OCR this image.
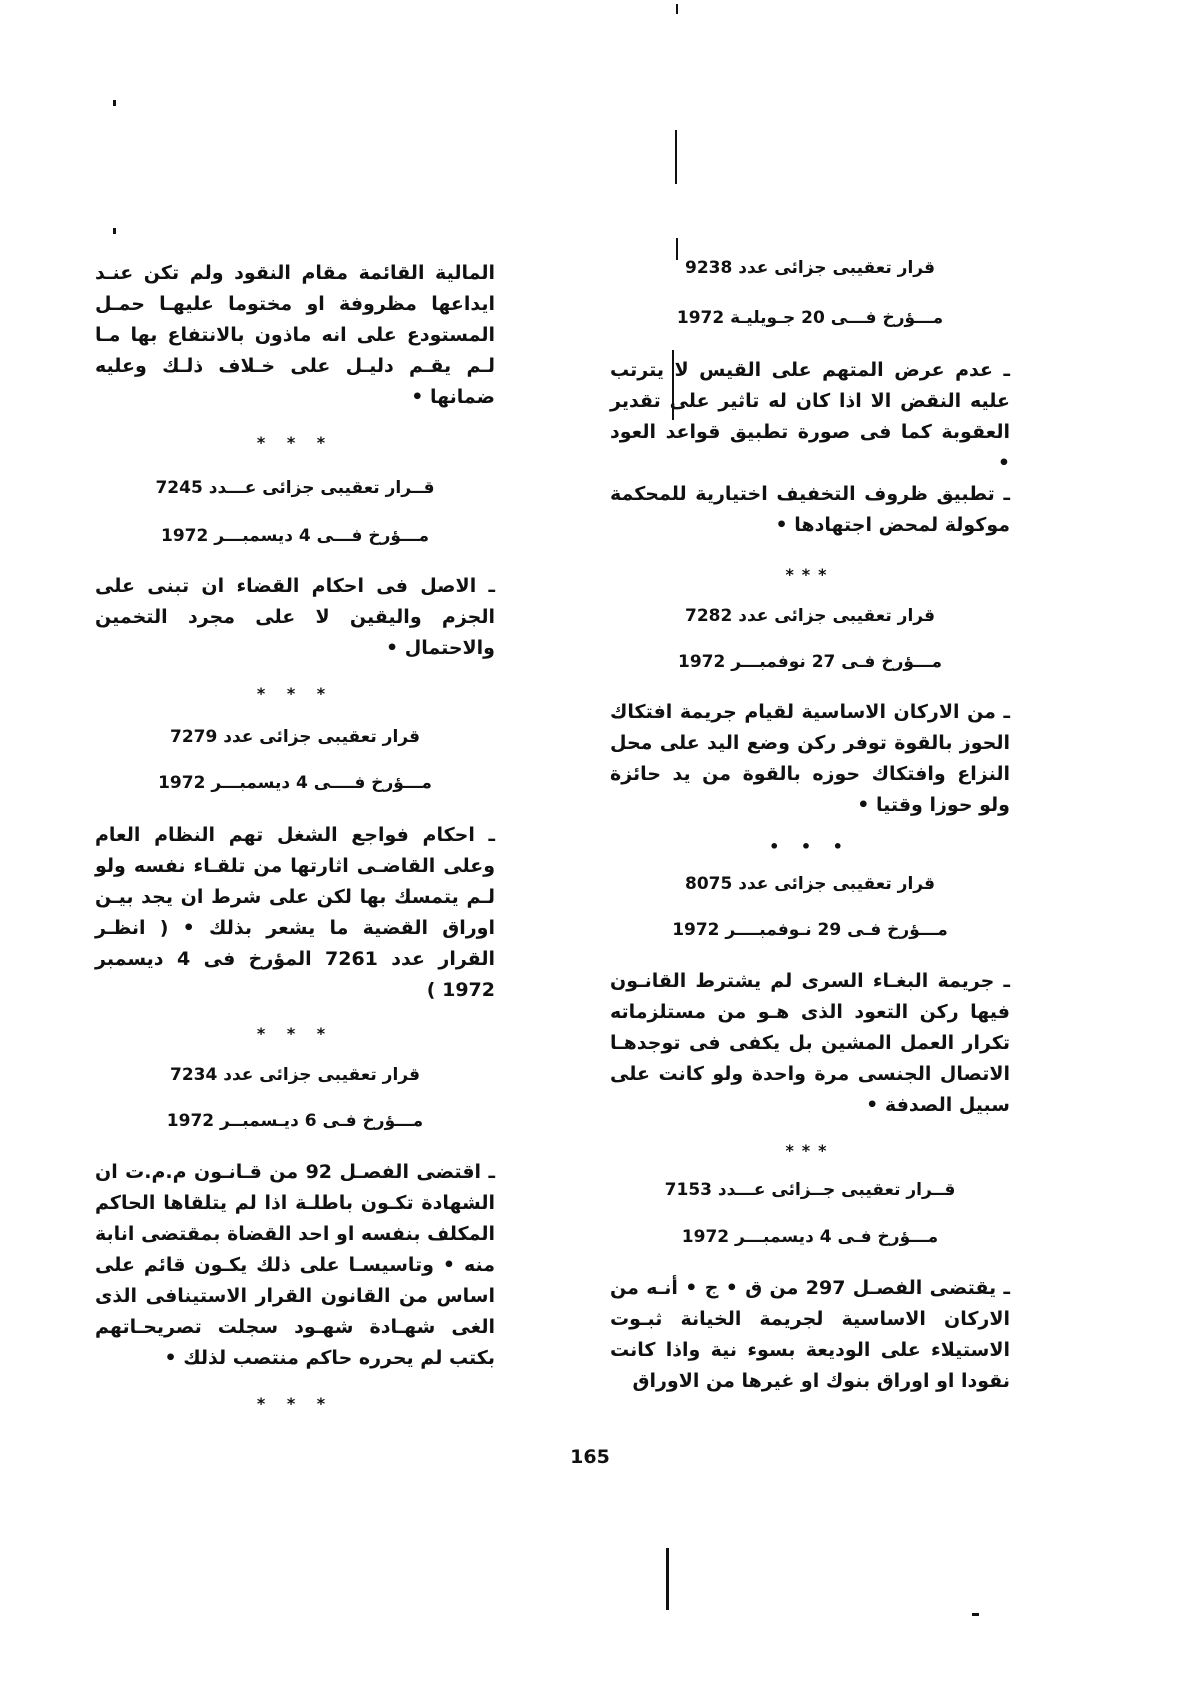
قرار تعقيبى جزائى عدد 9238

مـــؤرخ فـــى 20 جـويليـة 1972

ـ عدم عرض المتهم على القيس لا يترتب عليه النقض الا اذا كان له تاثير على تقدير العقوبة كما فى صورة تطبيق قواعد العود •

ـ تطبيق ظروف التخفيف اختيارية للمحكمة موكولة لمحض اجتهادها •

***

قرار تعقيبى جزائى عدد 7282

مـــؤرخ فـى 27 نوفمبـــر 1972

ـ من الاركان الاساسية لقيام جريمة افتكاك الحوز بالقوة توفر ركن وضع اليد على محل النزاع وافتكاك حوزه بالقوة من يد حائزة ولو حوزا وقتيا •

• • •

قرار تعقيبى جزائى عدد 8075

مـــؤرخ فـى 29 نـوفمبــــر 1972

ـ جريمة البغـاء السرى لم يشترط القانـون فيها ركن التعود الذى هـو من مستلزماته تكرار العمل المشين بل يكفى فى توجدهـا الاتصال الجنسى مرة واحدة ولو كانت على سبيل الصدفة •

***

قــرار تعقيبى جــزائى عـــدد 7153

مـــؤرخ فـى 4 ديسمبـــر 1972

ـ يقتضى الفصـل 297 من ق • ج • أنـه من الاركان الاساسية لجريمة الخيانة ثبـوت الاستيلاء على الوديعة بسوء نية واذا كانت نقودا او اوراق بنوك او غيرها من الاوراق

المالية القائمة مقام النقود ولم تكن عنـد ايداعها مظروفة او مختوما عليهـا حمـل المستودع على انه ماذون بالانتفاع بها مـا لـم يقـم دليـل على خـلاف ذلـك وعليه ضمانها •

* * *

قــرار تعقيبى جزائى عـــدد 7245

مـــؤرخ فـــى 4 ديسمبـــر 1972

ـ الاصل فى احكام القضاء ان تبنى على الجزم واليقين لا على مجرد التخمين والاحتمال •

* * *

قرار تعقيبى جزائى عدد 7279

مـــؤرخ فــــى 4 ديسمبـــر 1972

ـ احكام فواجع الشغل تهم النظام العام وعلى القاضـى اثارتها من تلقـاء نفسه ولو لـم يتمسك بها لكن على شرط ان يجد بيـن اوراق القضية ما يشعر بذلك • ( انظـر القرار عدد 7261 المؤرخ فى 4 ديسمبر 1972 )

* * *

قرار تعقيبى جزائى عدد 7234

مـــؤرخ فـى 6 ديـسمبــر 1972

ـ اقتضى الفصـل 92 من قـانـون م.م.ت ان الشهادة تكـون باطلـة اذا لم يتلقاها الحاكم المكلف بنفسه او احد القضاة بمقتضى انابة منه • وتاسيسـا على ذلك يكـون قائم على اساس من القانون القرار الاستينافى الذى الغى شهـادة شهـود سجلت تصريحـاتهم بكتب لم يحرره حاكم منتصب لذلك •

* * *

165
